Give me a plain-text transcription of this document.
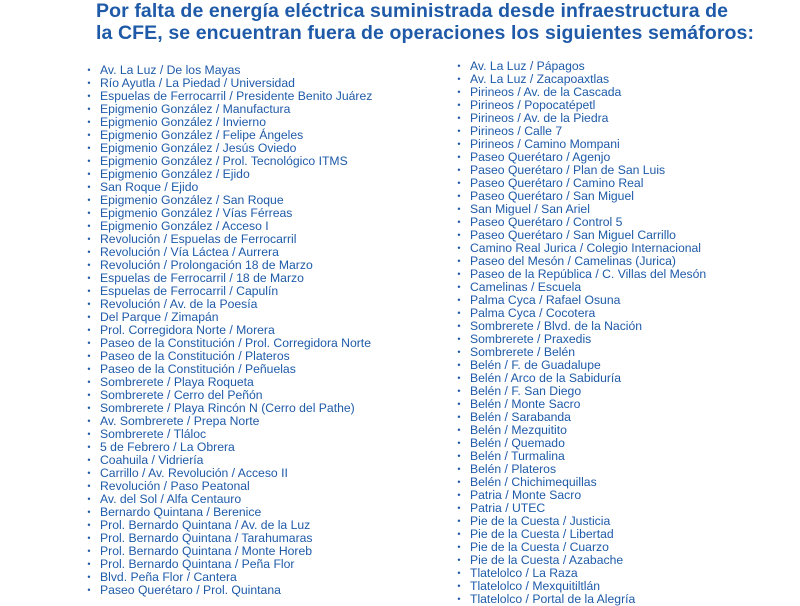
Por falta de energía eléctrica suministrada desde infraestructura de
la CFE, se encuentran fuera de operaciones los siguientes semáforos:
• Av. La Luz / De los Mayas
• Río Ayutla / La Piedad / Universidad
• Espuelas de Ferrocarril / Presidente Benito Juárez
• Epigmenio González / Manufactura
• Epigmenio González / Invierno
• Epigmenio González / Felipe Ángeles
• Epigmenio González / Jesús Oviedo
• Epigmenio González / Prol. Tecnológico ITMS
• Epigmenio González / Ejido
• San Roque / Ejido
• Epigmenio González / San Roque
• Epigmenio González / Vías Férreas
• Epigmenio González / Acceso I
• Revolución / Espuelas de Ferrocarril
• Revolución / Vía Láctea / Aurrera
• Revolución / Prolongación 18 de Marzo
• Espuelas de Ferrocarril / 18 de Marzo
• Espuelas de Ferrocarril / Capulín
• Revolución / Av. de la Poesía
• Del Parque / Zimapán
• Prol. Corregidora Norte / Morera
• Paseo de la Constitución / Prol. Corregidora Norte
• Paseo de la Constitución / Plateros
• Paseo de la Constitución / Peñuelas
• Sombrerete / Playa Roqueta
• Sombrerete / Cerro del Peñón
• Sombrerete / Playa Rincón N (Cerro del Pathe)
• Av. Sombrerete / Prepa Norte
• Sombrerete / Tláloc
• 5 de Febrero / La Obrera
• Coahuila / Vidriería
• Carrillo / Av. Revolución / Acceso II
• Revolución / Paso Peatonal
• Av. del Sol / Alfa Centauro
• Bernardo Quintana / Berenice
• Prol. Bernardo Quintana / Av. de la Luz
• Prol. Bernardo Quintana / Tarahumaras
• Prol. Bernardo Quintana / Monte Horeb
• Prol. Bernardo Quintana / Peña Flor
• Blvd. Peña Flor / Cantera
• Paseo Querétaro / Prol. Quintana
• Av. La Luz / Pápagos
• Av. La Luz / Zacapoaxtlas
• Pirineos / Av. de la Cascada
• Pirineos / Popocatépetl
• Pirineos / Av. de la Piedra
• Pirineos / Calle 7
• Pirineos / Camino Mompani
• Paseo Querétaro / Agenjo
• Paseo Querétaro / Plan de San Luis
• Paseo Querétaro / Camino Real
• Paseo Querétaro / San Miguel
• San Miguel / San Ariel
• Paseo Querétaro / Control 5
• Paseo Querétaro / San Miguel Carrillo
• Camino Real Jurica / Colegio Internacional
• Paseo del Mesón / Camelinas (Jurica)
• Paseo de la República / C. Villas del Mesón
• Camelinas / Escuela
• Palma Cyca / Rafael Osuna
• Palma Cyca / Cocotera
• Sombrerete / Blvd. de la Nación
• Sombrerete / Praxedis
• Sombrerete / Belén
• Belén / F. de Guadalupe
• Belén / Arco de la Sabiduría
• Belén / F. San Diego
• Belén / Monte Sacro
• Belén / Sarabanda
• Belén / Mezquitito
• Belén / Quemado
• Belén / Turmalina
• Belén / Plateros
• Belén / Chichimequillas
• Patria / Monte Sacro
• Patria / UTEC
• Pie de la Cuesta / Justicia
• Pie de la Cuesta / Libertad
• Pie de la Cuesta / Cuarzo
• Pie de la Cuesta / Azabache
• Tlatelolco / La Raza
• Tlatelolco / Mexquitiltlán
• Tlatelolco / Portal de la Alegría
